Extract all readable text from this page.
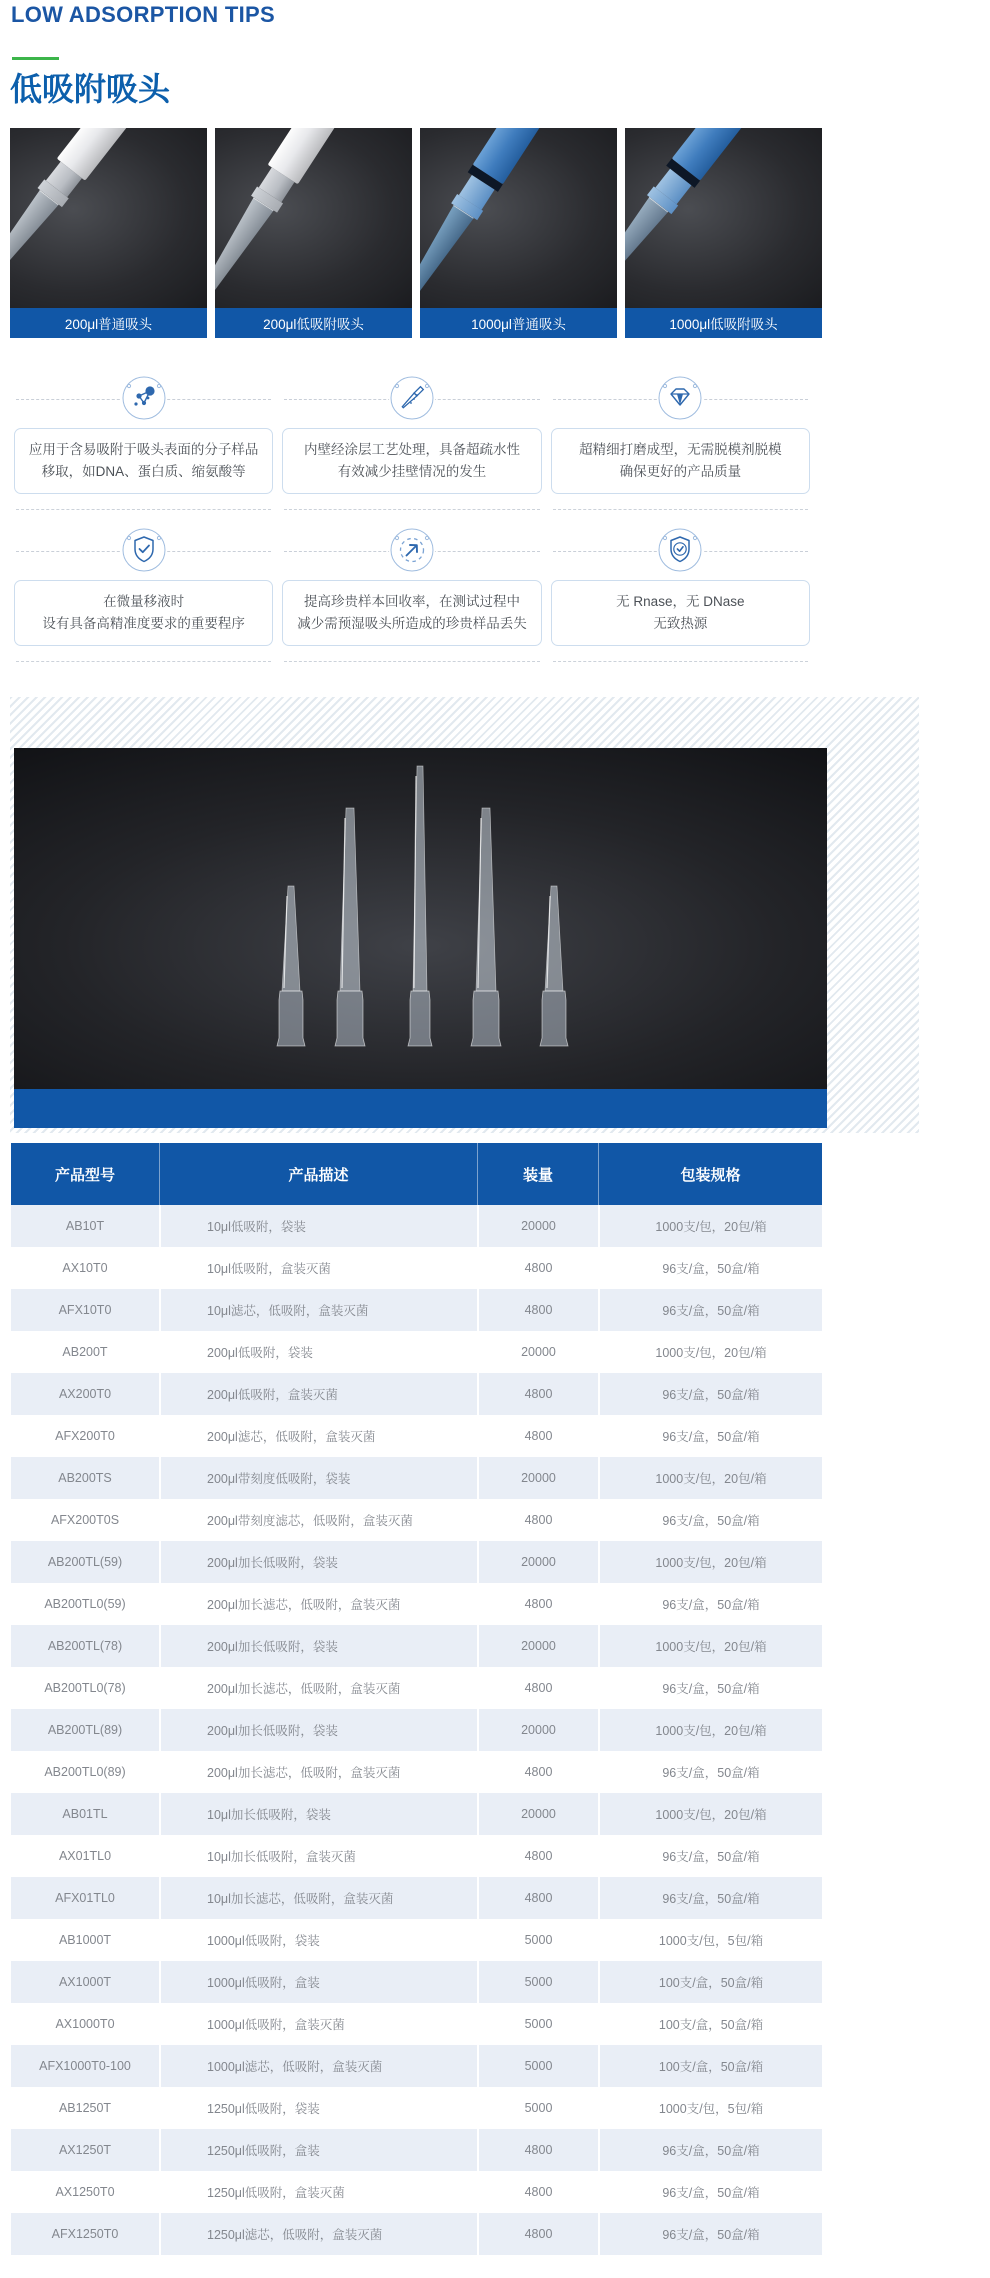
LOW ADSORPTION TIPS
低吸附吸头
200μl普通吸头	200μl低吸附吸头	1000μl普通吸头	1000μl低吸附吸头
应用于含易吸附于吸头表面的分子样品
移取，如DNA、蛋白质、缩氨酸等
内壁经涂层工艺处理，具备超疏水性
有效减少挂壁情况的发生
超精细打磨成型，无需脱模剂脱模
确保更好的产品质量
在微量移液时
设有具备高精准度要求的重要程序
提高珍贵样本回收率，在测试过程中
减少需预湿吸头所造成的珍贵样品丢失
无 Rnase，无 DNase
无致热源
产品型号	产品描述	装量	包装规格
AB10T	10μl低吸附，袋装	20000	1000支/包，20包/箱
AX10T0	10μl低吸附，盒装灭菌	4800	96支/盒，50盒/箱
AFX10T0	10μl滤芯，低吸附，盒装灭菌	4800	96支/盒，50盒/箱
AB200T	200μl低吸附，袋装	20000	1000支/包，20包/箱
AX200T0	200μl低吸附，盒装灭菌	4800	96支/盒，50盒/箱
AFX200T0	200μl滤芯，低吸附，盒装灭菌	4800	96支/盒，50盒/箱
AB200TS	200μl带刻度低吸附，袋装	20000	1000支/包，20包/箱
AFX200T0S	200μl带刻度滤芯，低吸附，盒装灭菌	4800	96支/盒，50盒/箱
AB200TL(59)	200μl加长低吸附，袋装	20000	1000支/包，20包/箱
AB200TL0(59)	200μl加长滤芯，低吸附，盒装灭菌	4800	96支/盒，50盒/箱
AB200TL(78)	200μl加长低吸附，袋装	20000	1000支/包，20包/箱
AB200TL0(78)	200μl加长滤芯，低吸附，盒装灭菌	4800	96支/盒，50盒/箱
AB200TL(89)	200μl加长低吸附，袋装	20000	1000支/包，20包/箱
AB200TL0(89)	200μl加长滤芯，低吸附，盒装灭菌	4800	96支/盒，50盒/箱
AB01TL	10μl加长低吸附，袋装	20000	1000支/包，20包/箱
AX01TL0	10μl加长低吸附，盒装灭菌	4800	96支/盒，50盒/箱
AFX01TL0	10μl加长滤芯，低吸附，盒装灭菌	4800	96支/盒，50盒/箱
AB1000T	1000μl低吸附，袋装	5000	1000支/包，5包/箱
AX1000T	1000μl低吸附，盒装	5000	100支/盒，50盒/箱
AX1000T0	1000μl低吸附，盒装灭菌	5000	100支/盒，50盒/箱
AFX1000T0-100	1000μl滤芯，低吸附，盒装灭菌	5000	100支/盒，50盒/箱
AB1250T	1250μl低吸附，袋装	5000	1000支/包，5包/箱
AX1250T	1250μl低吸附，盒装	4800	96支/盒，50盒/箱
AX1250T0	1250μl低吸附，盒装灭菌	4800	96支/盒，50盒/箱
AFX1250T0	1250μl滤芯，低吸附，盒装灭菌	4800	96支/盒，50盒/箱
